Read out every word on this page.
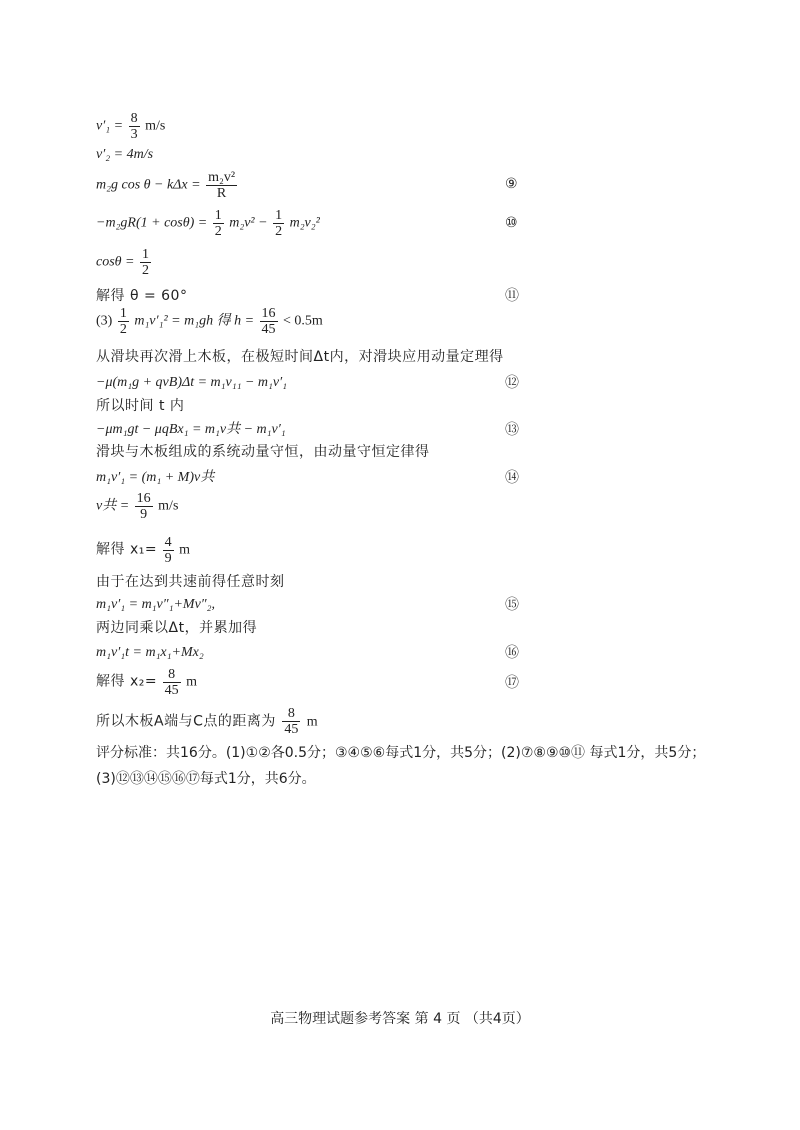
$v'_1 = \frac{8}{3} m/s$
v′₂ = 4m/s
m₂g $\cos \theta - k\Delta x = \frac{\text{m₂v²}}{R}$	⑨
$-m_2gR(1 + \cos\theta) = \frac{1}{2} m_2v^2 - \frac{1}{2} m_2v_2^2$	⑩
$\cos\theta = \frac{1}{2}$
解得 θ = 60°	⑪
$(3) \frac{1}{2} m_1v'_1^2 = m_1gh$ 得 $h = \frac{16}{45} < 0.5m$
从滑块再次滑上木板，在极短时间Δt内，对滑块应用动量定理得
−μ(m₁g + qvB)Δt = m₁v₁₁ − m₁v′₁	⑫
所以时间 t 内
−μm₁gt − μqBx₁ = m₁v共 − m₁v′₁	⑬
滑块与木板组成的系统动量守恒，由动量守恒定律得
m₁v′₁ = (m₁ + M)v共	⑭
v共 = $\frac{16}{9} m/s$
解得 $x_1= \frac{4}{9}$ m
由于在达到共速前得任意时刻
m₁v′₁ = m₁v″₁+Mv″₂,	⑮
两边同乘以Δt，并累加得
m₁v′₁t = m₁x₁+Mx₂	⑯
解得 $x_2= \frac{8}{45}$ m	⑰
所以木板A端与C点的距离为 $\frac{8}{45}$ m
评分标准：共16分。(1)①②各0.5分；③④⑤⑥每式1分，共5分；(2)⑦⑧⑨⑩⑪ 每式1分，共5分；(3)⑫⑬⑭⑮⑯⑰每式1分，共6分。
高三物理试题参考答案 第 4 页 （共4页）
